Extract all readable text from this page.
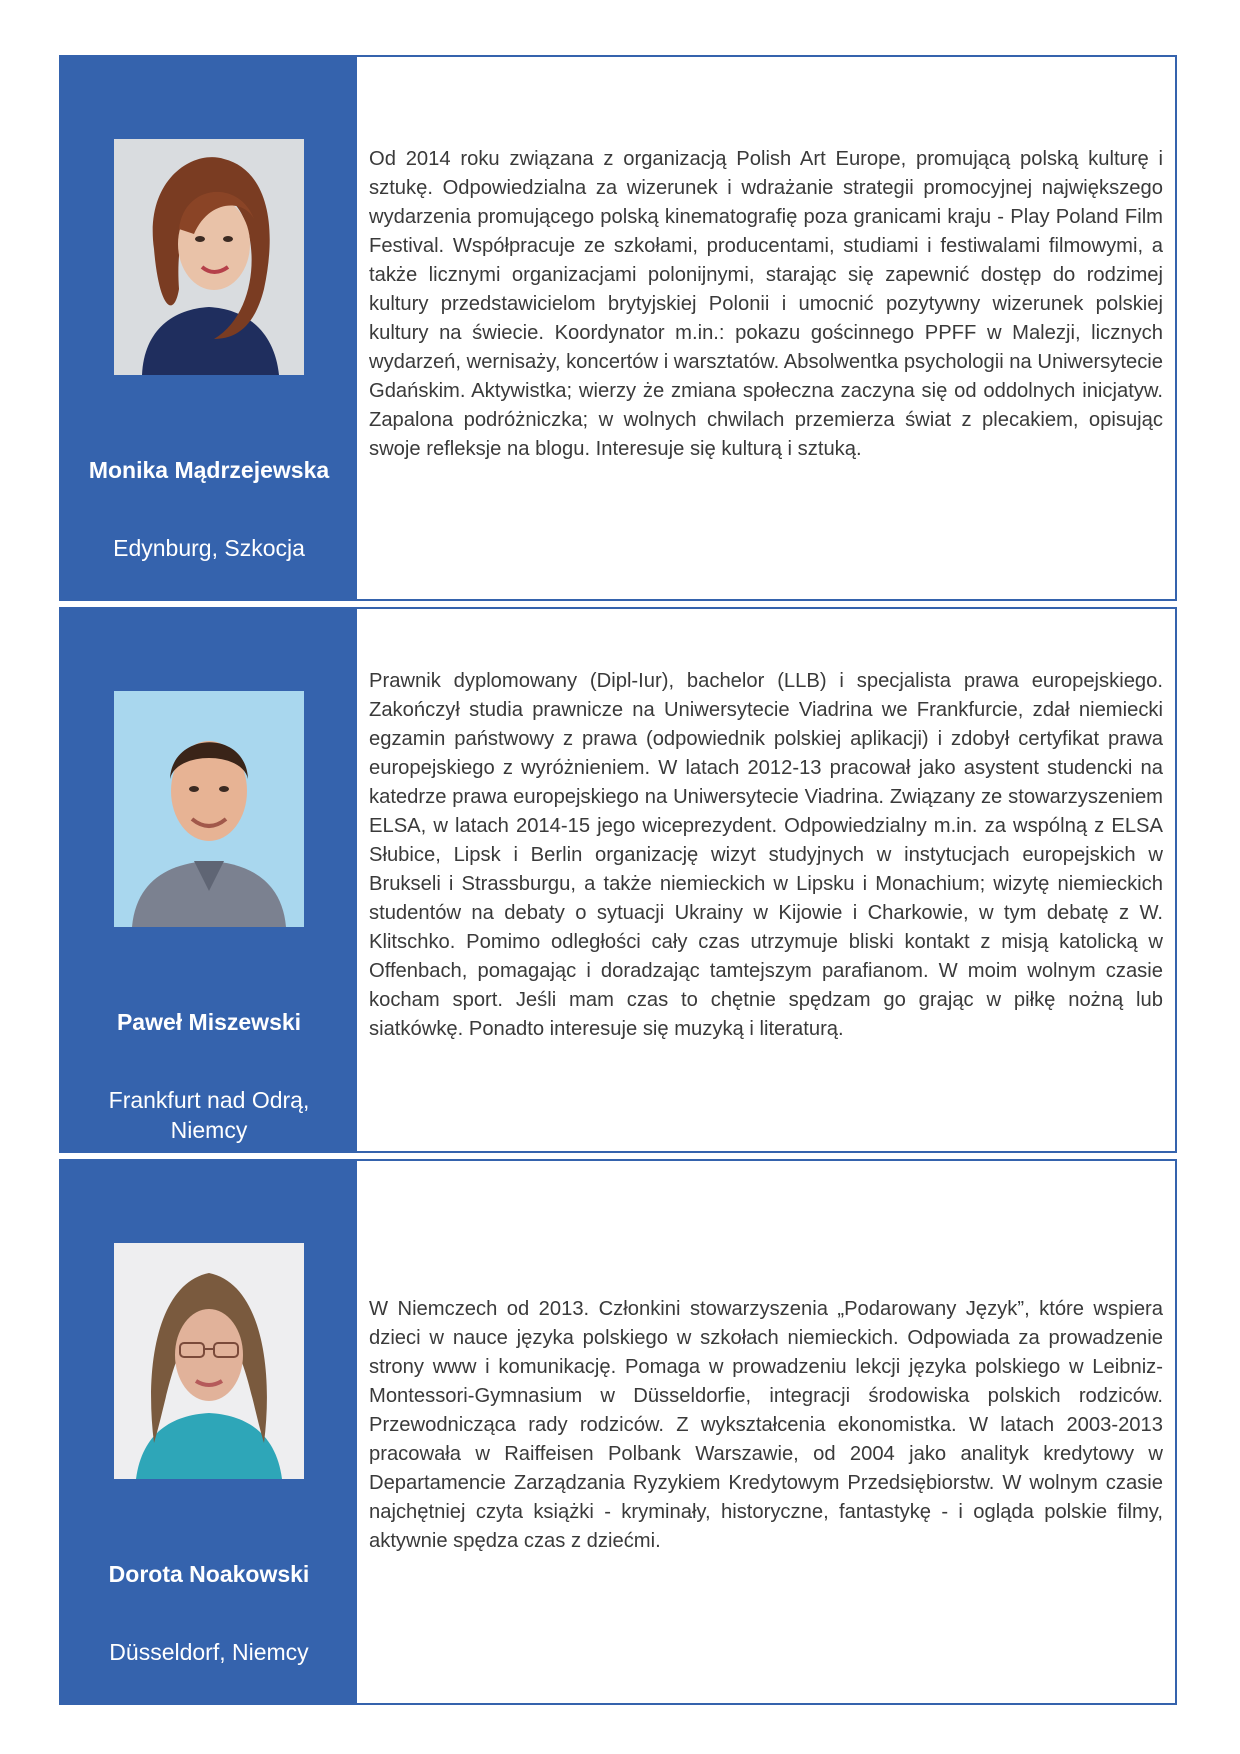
Monika Mądrzejewska
Edynburg, Szkocja

Od 2014 roku związana z organizacją Polish Art Europe, promującą polską kulturę i sztukę. Odpowiedzialna za wizerunek i wdrażanie strategii promocyjnej największego wydarzenia promującego polską kinematografię poza granicami kraju - Play Poland Film Festival. Współpracuje ze szkołami, producentami, studiami i festiwalami filmowymi, a także licznymi organizacjami polonijnymi, starając się zapewnić dostęp do rodzimej kultury przedstawicielom brytyjskiej Polonii i umocnić pozytywny wizerunek polskiej kultury na świecie. Koordynator m.in.: pokazu gościnnego PPFF w Malezji, licznych wydarzeń, wernisaży, koncertów i warsztatów. Absolwentka psychologii na Uniwersytecie Gdańskim. Aktywistka; wierzy że zmiana społeczna zaczyna się od oddolnych inicjatyw. Zapalona podróżniczka; w wolnych chwilach przemierza świat z plecakiem, opisując swoje refleksje na blogu. Interesuje się kulturą i sztuką.

Paweł Miszewski
Frankfurt nad Odrą, Niemcy

Prawnik dyplomowany (Dipl-Iur), bachelor (LLB) i specjalista prawa europejskiego. Zakończył studia prawnicze na Uniwersytecie Viadrina we Frankfurcie, zdał niemiecki egzamin państwowy z prawa (odpowiednik polskiej aplikacji) i zdobył certyfikat prawa europejskiego z wyróżnieniem. W latach 2012-13 pracował jako asystent studencki na katedrze prawa europejskiego na Uniwersytecie Viadrina. Związany ze stowarzyszeniem ELSA, w latach 2014-15 jego wiceprezydent. Odpowiedzialny m.in. za wspólną z ELSA Słubice, Lipsk i Berlin organizację wizyt studyjnych w instytucjach europejskich w Brukseli i Strassburgu, a także niemieckich w Lipsku i Monachium; wizytę niemieckich studentów na debaty o sytuacji Ukrainy w Kijowie i Charkowie, w tym debatę z W. Klitschko. Pomimo odległości cały czas utrzymuje bliski kontakt z misją katolicką w Offenbach, pomagając i doradzając tamtejszym parafianom. W moim wolnym czasie kocham sport. Jeśli mam czas to chętnie spędzam go grając w piłkę nożną lub siatkówkę. Ponadto interesuje się muzyką i literaturą.

Dorota Noakowski
Düsseldorf, Niemcy

W Niemczech od 2013. Członkini stowarzyszenia „Podarowany Język”, które wspiera dzieci w nauce języka polskiego w szkołach niemieckich. Odpowiada za prowadzenie strony www i komunikację. Pomaga w prowadzeniu lekcji języka polskiego w Leibniz-Montessori-Gymnasium w Düsseldorfie, integracji środowiska polskich rodziców. Przewodnicząca rady rodziców. Z wykształcenia ekonomistka. W latach 2003-2013 pracowała w Raiffeisen Polbank Warszawie, od 2004 jako analityk kredytowy w Departamencie Zarządzania Ryzykiem Kredytowym Przedsiębiorstw. W wolnym czasie najchętniej czyta książki - kryminały, historyczne, fantastykę - i ogląda polskie filmy, aktywnie spędza czas z dziećmi.
